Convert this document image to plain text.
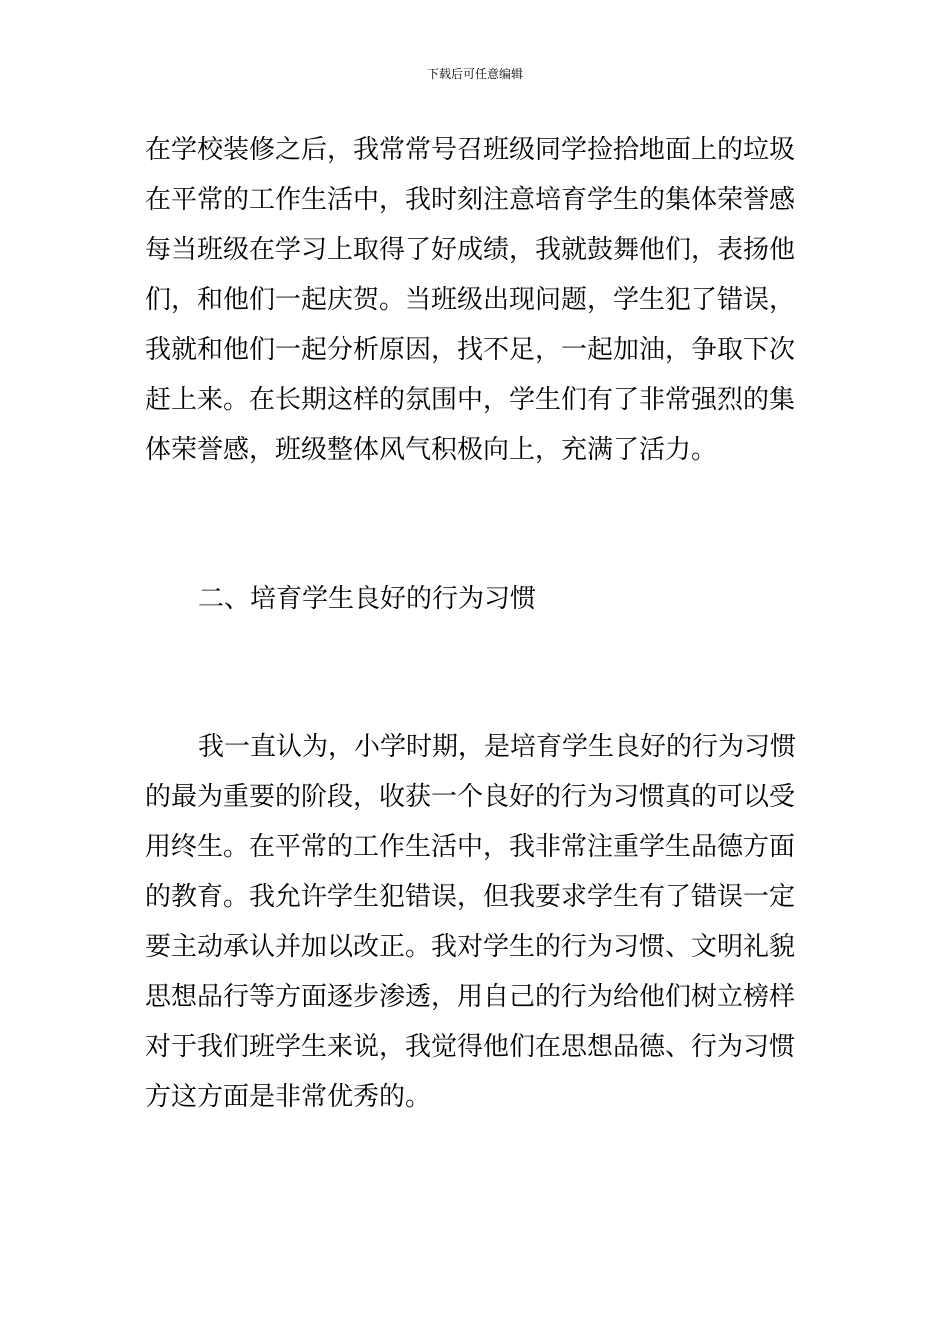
下载后可任意编辑
在学校装修之后，我常常号召班级同学捡拾地面上的垃圾
在平常的工作生活中，我时刻注意培育学生的集体荣誉感
每当班级在学习上取得了好成绩，我就鼓舞他们，表扬他
们，和他们一起庆贺。当班级出现问题，学生犯了错误，
我就和他们一起分析原因，找不足，一起加油，争取下次
赶上来。在长期这样的氛围中，学生们有了非常强烈的集
体荣誉感，班级整体风气积极向上，充满了活力。
二、培育学生良好的行为习惯
我一直认为，小学时期，是培育学生良好的行为习惯
的最为重要的阶段，收获一个良好的行为习惯真的可以受
用终生。在平常的工作生活中，我非常注重学生品德方面
的教育。我允许学生犯错误，但我要求学生有了错误一定
要主动承认并加以改正。我对学生的行为习惯、文明礼貌
思想品行等方面逐步渗透，用自己的行为给他们树立榜样
对于我们班学生来说，我觉得他们在思想品德、行为习惯
方这方面是非常优秀的。
